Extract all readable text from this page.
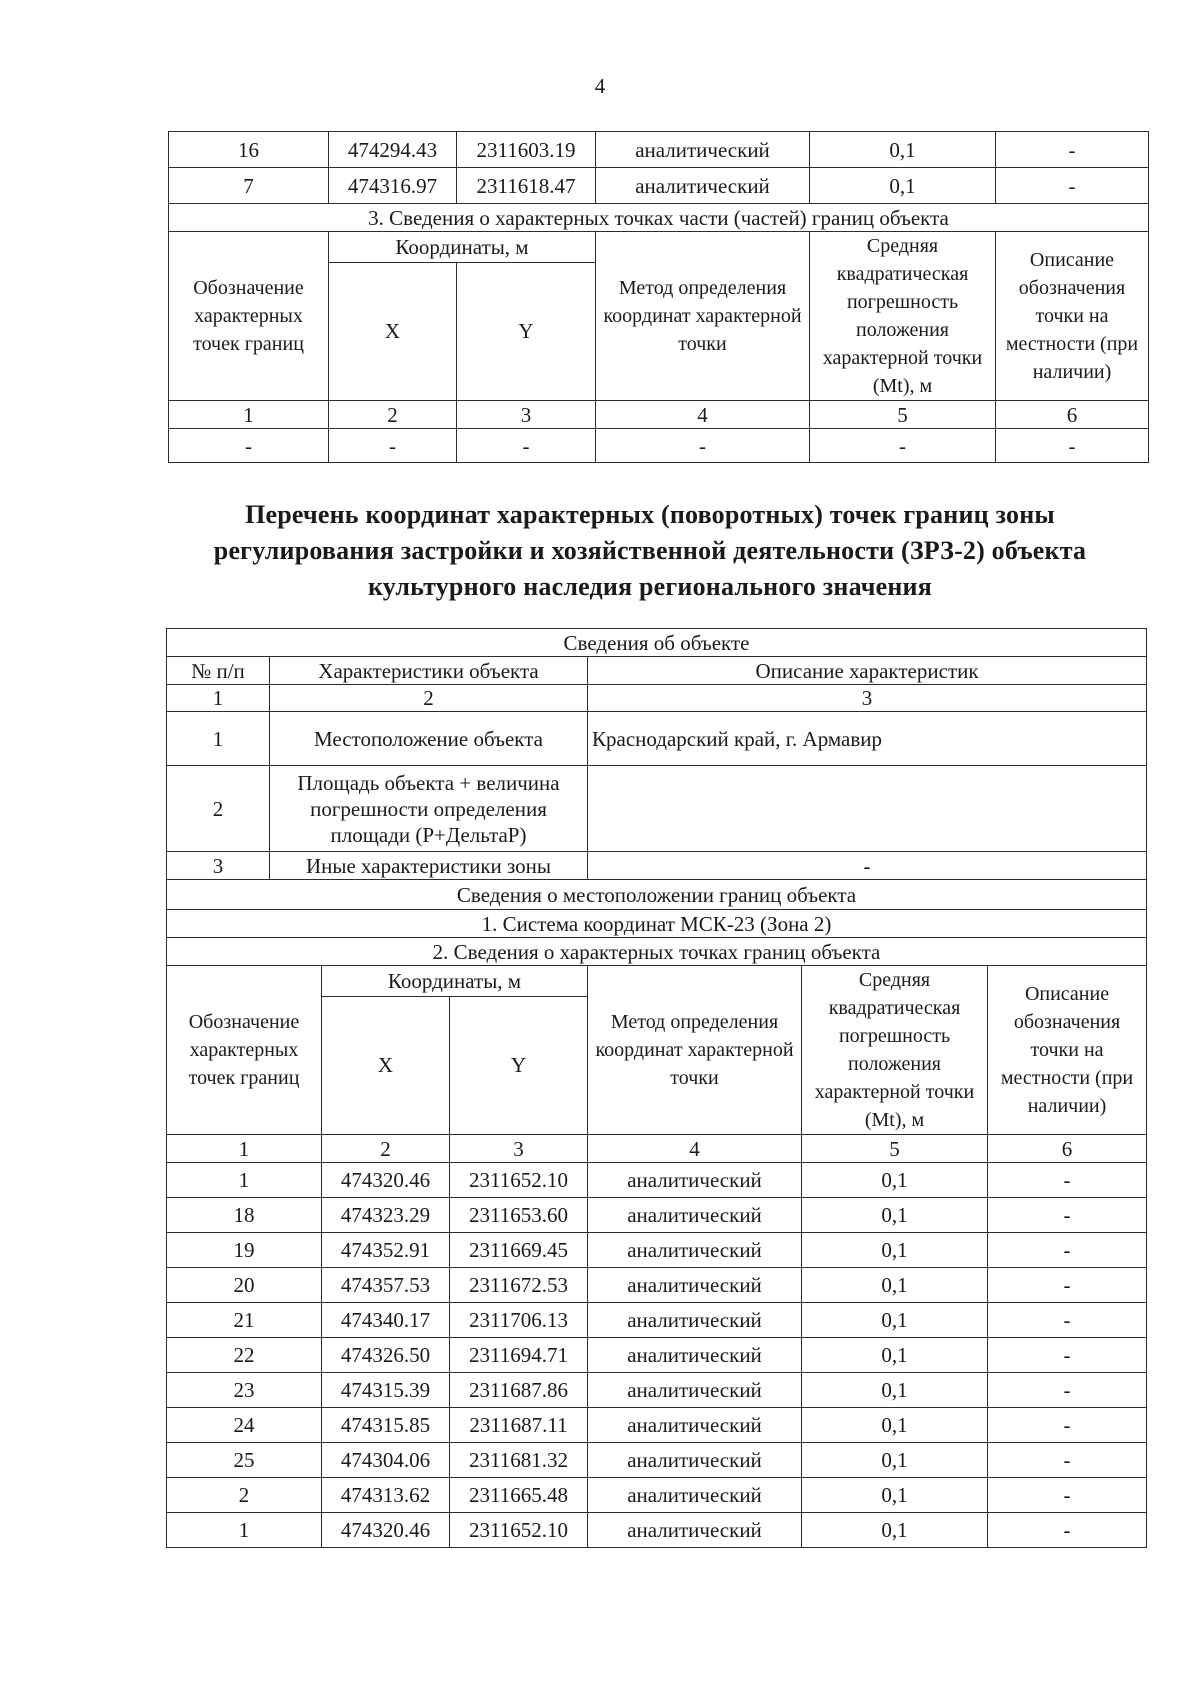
4
16	474294.43	2311603.19	аналитический	0,1	-
7	474316.97	2311618.47	аналитический	0,1	-
3. Сведения о характерных точках части (частей) границ объекта					
Обозначение характерных точек границ	Координаты, м		Метод определения координат характерной точки	Средняя квадратическая погрешность положения характерной точки (Mt), м	Описание обозначения точки на местности (при наличии)
	X	Y			
1	2	3	4	5	6
-	-	-	-	-	-
Перечень координат характерных (поворотных) точек границ зоны
регулирования застройки и хозяйственной деятельности (ЗРЗ-2) объекта
культурного наследия регионального значения
Сведения об объекте						
№ п/п	Характеристики объекта			Описание характеристик		
1	2			3		
1	Местоположение объекта			Краснодарский край, г. Армавир		
2	Площадь объекта + величина погрешности определения площади (P+ДельтаP)					
3	Иные характеристики зоны			-		
Сведения о местоположении границ объекта						
1. Система координат МСК-23 (Зона 2)						
2. Сведения о характерных точках границ объекта						
Обозначение характерных точек границ		Координаты, м		Метод определения координат характерной точки	Средняя квадратическая погрешность положения характерной точки (Mt), м	Описание обозначения точки на местности (при наличии)
		X	Y			
1		2	3	4	5	6
1		474320.46	2311652.10	аналитический	0,1	-
18		474323.29	2311653.60	аналитический	0,1	-
19		474352.91	2311669.45	аналитический	0,1	-
20		474357.53	2311672.53	аналитический	0,1	-
21		474340.17	2311706.13	аналитический	0,1	-
22		474326.50	2311694.71	аналитический	0,1	-
23		474315.39	2311687.86	аналитический	0,1	-
24		474315.85	2311687.11	аналитический	0,1	-
25		474304.06	2311681.32	аналитический	0,1	-
2		474313.62	2311665.48	аналитический	0,1	-
1		474320.46	2311652.10	аналитический	0,1	-
